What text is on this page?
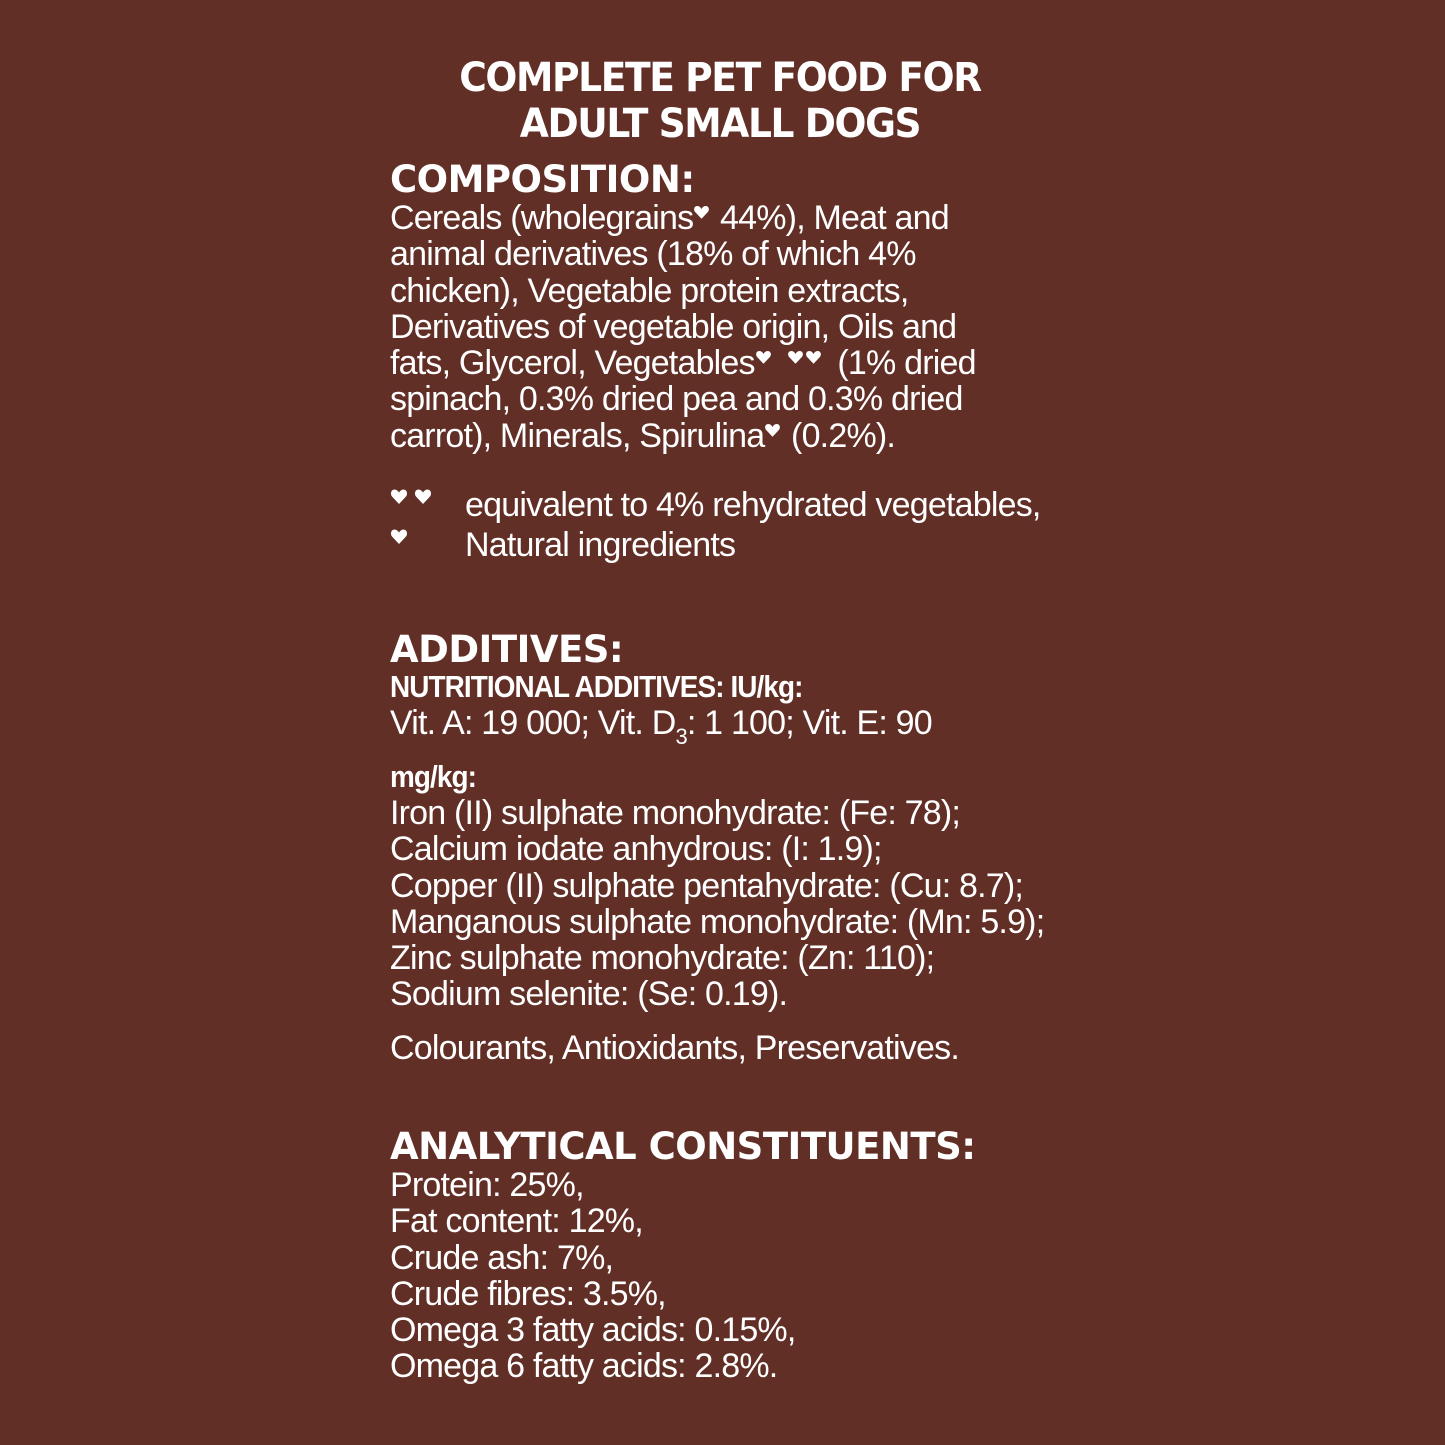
COMPLETE PET FOOD FOR
ADULT SMALL DOGS
COMPOSITION:
Cereals (wholegrains
44%), Meat and
animal derivatives (18% of which 4%
chicken), Vegetable protein extracts,
Derivatives of vegetable origin, Oils and
fats, Glycerol, Vegetables
(1% dried
spinach, 0.3% dried pea and 0.3% dried
carrot), Minerals, Spirulina
(0.2%).
equivalent to 4% rehydrated vegetables,
Natural ingredients
ADDITIVES:
NUTRITIONAL ADDITIVES: IU/kg:
Vit. A: 19 000; Vit. $D_3$: 1 100; Vit. E: 90
mg/kg:
Iron (II) sulphate monohydrate: (Fe: 78);
Calcium iodate anhydrous: (I: 1.9);
Copper (II) sulphate pentahydrate: (Cu: 8.7);
Manganous sulphate monohydrate: (Mn: 5.9);
Zinc sulphate monohydrate: (Zn: 110);
Sodium selenite: (Se: 0.19).
Colourants, Antioxidants, Preservatives.
ANALYTICAL CONSTITUENTS:
Protein: 25%,
Fat content: 12%,
Crude ash: 7%,
Crude fibres: 3.5%,
Omega 3 fatty acids: 0.15%,
Omega 6 fatty acids: 2.8%.
